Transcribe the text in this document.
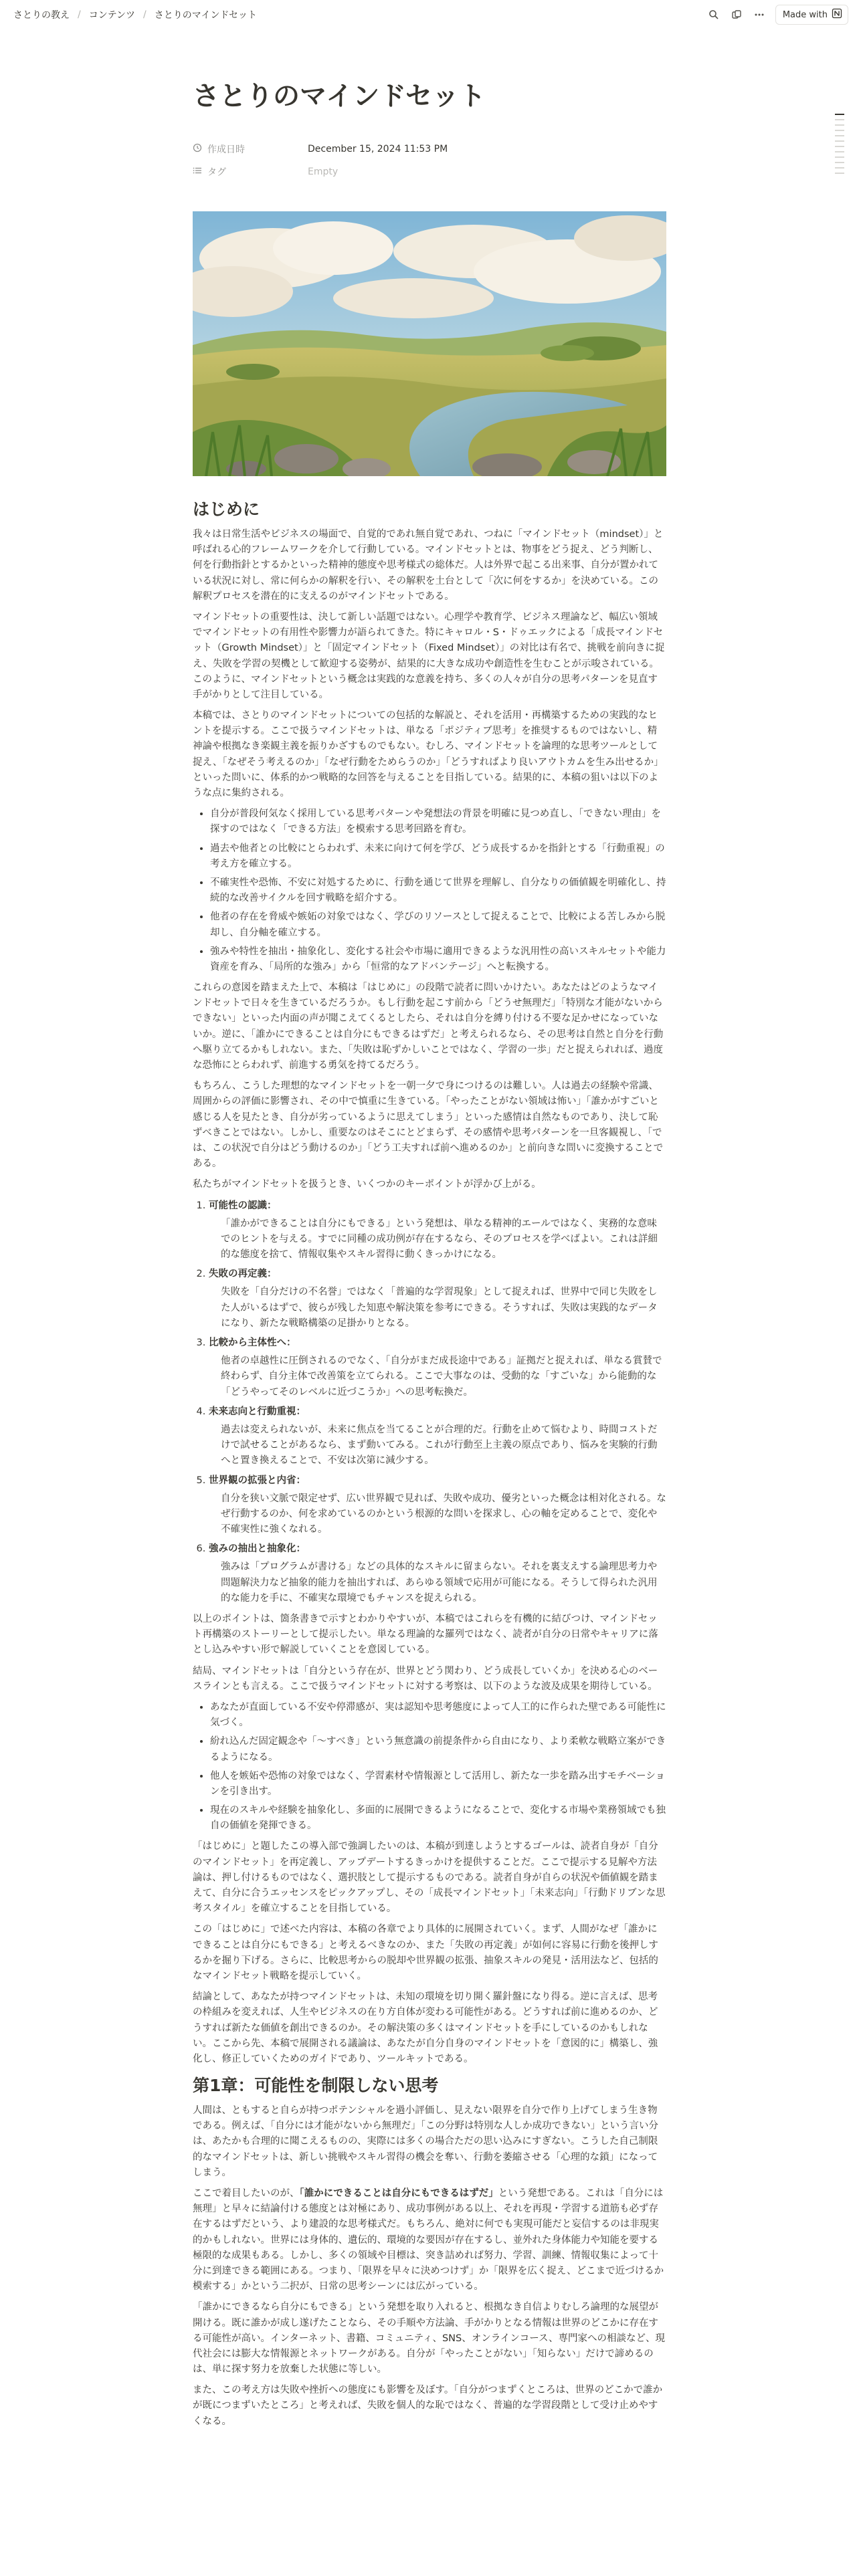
さとりの教え / コンテンツ / さとりのマインドセット	Made with
さとりのマインドセット
作成日時	December 15, 2024 11:53 PM
タグ	Empty
はじめに

我々は日常生活やビジネスの場面で、自覚的であれ無自覚であれ、つねに「マインドセット（mindset）」と呼ばれる心的フレームワークを介して行動している。マインドセットとは、物事をどう捉え、どう判断し、何を行動指針とするかといった精神的態度や思考様式の総体だ。人は外界で起こる出来事、自分が置かれている状況に対し、常に何らかの解釈を行い、その解釈を土台として「次に何をするか」を決めている。この解釈プロセスを潜在的に支えるのがマインドセットである。

マインドセットの重要性は、決して新しい話題ではない。心理学や教育学、ビジネス理論など、幅広い領域でマインドセットの有用性や影響力が語られてきた。特にキャロル・S・ドゥエックによる「成長マインドセット（Growth Mindset）」と「固定マインドセット（Fixed Mindset）」の対比は有名で、挑戦を前向きに捉え、失敗を学習の契機として歓迎する姿勢が、結果的に大きな成功や創造性を生むことが示唆されている。このように、マインドセットという概念は実践的な意義を持ち、多くの人々が自分の思考パターンを見直す手がかりとして注目している。

本稿では、さとりのマインドセットについての包括的な解説と、それを活用・再構築するための実践的なヒントを提示する。ここで扱うマインドセットは、単なる「ポジティブ思考」を推奨するものではないし、精神論や根拠なき楽観主義を振りかざすものでもない。むしろ、マインドセットを論理的な思考ツールとして捉え、「なぜそう考えるのか」「なぜ行動をためらうのか」「どうすればより良いアウトカムを生み出せるか」といった問いに、体系的かつ戦略的な回答を与えることを目指している。結果的に、本稿の狙いは以下のような点に集約される。

• 自分が普段何気なく採用している思考パターンや発想法の背景を明確に見つめ直し、「できない理由」を探すのではなく「できる方法」を模索する思考回路を育む。
• 過去や他者との比較にとらわれず、未来に向けて何を学び、どう成長するかを指針とする「行動重視」の考え方を確立する。
• 不確実性や恐怖、不安に対処するために、行動を通じて世界を理解し、自分なりの価値観を明確化し、持続的な改善サイクルを回す戦略を紹介する。
• 他者の存在を脅威や嫉妬の対象ではなく、学びのリソースとして捉えることで、比較による苦しみから脱却し、自分軸を確立する。
• 強みや特性を抽出・抽象化し、変化する社会や市場に適用できるような汎用性の高いスキルセットや能力資産を育み、「局所的な強み」から「恒常的なアドバンテージ」へと転換する。

これらの意図を踏まえた上で、本稿は「はじめに」の段階で読者に問いかけたい。あなたはどのようなマインドセットで日々を生きているだろうか。もし行動を起こす前から「どうせ無理だ」「特別な才能がないからできない」といった内面の声が聞こえてくるとしたら、それは自分を縛り付ける不要な足かせになっていないか。逆に、「誰かにできることは自分にもできるはずだ」と考えられるなら、その思考は自然と自分を行動へ駆り立てるかもしれない。また、「失敗は恥ずかしいことではなく、学習の一歩」だと捉えられれば、過度な恐怖にとらわれず、前進する勇気を持てるだろう。

もちろん、こうした理想的なマインドセットを一朝一夕で身につけるのは難しい。人は過去の経験や常識、周囲からの評価に影響され、その中で慎重に生きている。「やったことがない領域は怖い」「誰かがすごいと感じる人を見たとき、自分が劣っているように思えてしまう」といった感情は自然なものであり、決して恥ずべきことではない。しかし、重要なのはそこにとどまらず、その感情や思考パターンを一旦客観視し、「では、この状況で自分はどう動けるのか」「どう工夫すれば前へ進めるのか」と前向きな問いに変換することである。

私たちがマインドセットを扱うとき、いくつかのキーポイントが浮かび上がる。

1. 可能性の認識：
「誰かができることは自分にもできる」という発想は、単なる精神的エールではなく、実務的な意味でのヒントを与える。すでに同種の成功例が存在するなら、そのプロセスを学べばよい。これは詳細的な態度を捨て、情報収集やスキル習得に動くきっかけになる。
2. 失敗の再定義：
失敗を「自分だけの不名誉」ではなく「普遍的な学習現象」として捉えれば、世界中で同じ失敗をした人がいるはずで、彼らが残した知恵や解決策を参考にできる。そうすれば、失敗は実践的なデータになり、新たな戦略構築の足掛かりとなる。
3. 比較から主体性へ：
他者の卓越性に圧倒されるのでなく、「自分がまだ成長途中である」証拠だと捉えれば、単なる賞賛で終わらず、自分主体で改善策を立てられる。ここで大事なのは、受動的な「すごいな」から能動的な「どうやってそのレベルに近づこうか」への思考転換だ。
4. 未来志向と行動重視：
過去は変えられないが、未来に焦点を当てることが合理的だ。行動を止めて悩むより、時間コストだけで試せることがあるなら、まず動いてみる。これが行動至上主義の原点であり、悩みを実験的行動へと置き換えることで、不安は次第に減少する。
5. 世界観の拡張と内省：
自分を狭い文脈で限定せず、広い世界観で見れば、失敗や成功、優劣といった概念は相対化される。なぜ行動するのか、何を求めているのかという根源的な問いを探求し、心の軸を定めることで、変化や不確実性に強くなれる。
6. 強みの抽出と抽象化：
強みは「プログラムが書ける」などの具体的なスキルに留まらない。それを裏支えする論理思考力や問題解決力など抽象的能力を抽出すれば、あらゆる領域で応用が可能になる。そうして得られた汎用的な能力を手に、不確実な環境でもチャンスを捉えられる。

以上のポイントは、箇条書きで示すとわかりやすいが、本稿ではこれらを有機的に結びつけ、マインドセット再構築のストーリーとして提示したい。単なる理論的な羅列ではなく、読者が自分の日常やキャリアに落とし込みやすい形で解説していくことを意図している。

結局、マインドセットは「自分という存在が、世界とどう関わり、どう成長していくか」を決める心のベースラインとも言える。ここで扱うマインドセットに対する考察は、以下のような波及成果を期待している。

• あなたが直面している不安や停滞感が、実は認知や思考態度によって人工的に作られた壁である可能性に気づく。
• 紛れ込んだ固定観念や「〜すべき」という無意識の前提条件から自由になり、より柔軟な戦略立案ができるようになる。
• 他人を嫉妬や恐怖の対象ではなく、学習素材や情報源として活用し、新たな一歩を踏み出すモチベーションを引き出す。
• 現在のスキルや経験を抽象化し、多面的に展開できるようになることで、変化する市場や業務領域でも独自の価値を発揮できる。

「はじめに」と題したこの導入部で強調したいのは、本稿が到達しようとするゴールは、読者自身が「自分のマインドセット」を再定義し、アップデートするきっかけを提供することだ。ここで提示する見解や方法論は、押し付けるものではなく、選択肢として提示するものである。読者自身が自らの状況や価値観を踏まえて、自分に合うエッセンスをピックアップし、その「成長マインドセット」「未来志向」「行動ドリブンな思考スタイル」を確立することを目指している。

この「はじめに」で述べた内容は、本稿の各章でより具体的に展開されていく。まず、人間がなぜ「誰かにできることは自分にもできる」と考えるべきなのか、また「失敗の再定義」が如何に容易に行動を後押しするかを掘り下げる。さらに、比較思考からの脱却や世界観の拡張、抽象スキルの発見・活用法など、包括的なマインドセット戦略を提示していく。

結論として、あなたが持つマインドセットは、未知の環境を切り開く羅針盤になり得る。逆に言えば、思考の枠組みを変えれば、人生やビジネスの在り方自体が変わる可能性がある。どうすれば前に進めるのか、どうすれば新たな価値を創出できるのか。その解決策の多くはマインドセットを手にしているのかもしれない。ここから先、本稿で展開される議論は、あなたが自分自身のマインドセットを「意図的に」構築し、強化し、修正していくためのガイドであり、ツールキットである。

第1章：可能性を制限しない思考

人間は、ともすると自らが持つポテンシャルを過小評価し、見えない限界を自分で作り上げてしまう生き物である。例えば、「自分には才能がないから無理だ」「この分野は特別な人しか成功できない」という言い分は、あたかも合理的に聞こえるものの、実際には多くの場合ただの思い込みにすぎない。こうした自己制限的なマインドセットは、新しい挑戦やスキル習得の機会を奪い、行動を萎縮させる「心理的な鎖」になってしまう。

ここで着目したいのが、「誰かにできることは自分にもできるはずだ」という発想である。これは「自分には無理」と早々に結論付ける態度とは対極にあり、成功事例がある以上、それを再現・学習する道筋も必ず存在するはずだという、より建設的な思考様式だ。もちろん、絶対に何でも実現可能だと妄信するのは非現実的かもしれない。世界には身体的、遺伝的、環境的な要因が存在するし、並外れた身体能力や知能を要する極限的な成果もある。しかし、多くの領域や目標は、突き詰めれば努力、学習、訓練、情報収集によって十分に到達できる範囲にある。つまり、「限界を早々に決めつけず」か「限界を広く捉え、どこまで近づけるか模索する」かという二択が、日常の思考シーンには広がっている。

「誰かにできるなら自分にもできる」という発想を取り入れると、根拠なき自信よりむしろ論理的な展望が開ける。既に誰かが成し遂げたことなら、その手順や方法論、手がかりとなる情報は世界のどこかに存在する可能性が高い。インターネット、書籍、コミュニティ、SNS、オンラインコース、専門家への相談など、現代社会には膨大な情報源とネットワークがある。自分が「やったことがない」「知らない」だけで諦めるのは、単に探す努力を放棄した状態に等しい。

また、この考え方は失敗や挫折への態度にも影響を及ぼす。「自分がつまずくところは、世界のどこかで誰かが既につまずいたところ」と考えれば、失敗を個人的な恥ではなく、普遍的な学習段階として受け止めやすくなる。
